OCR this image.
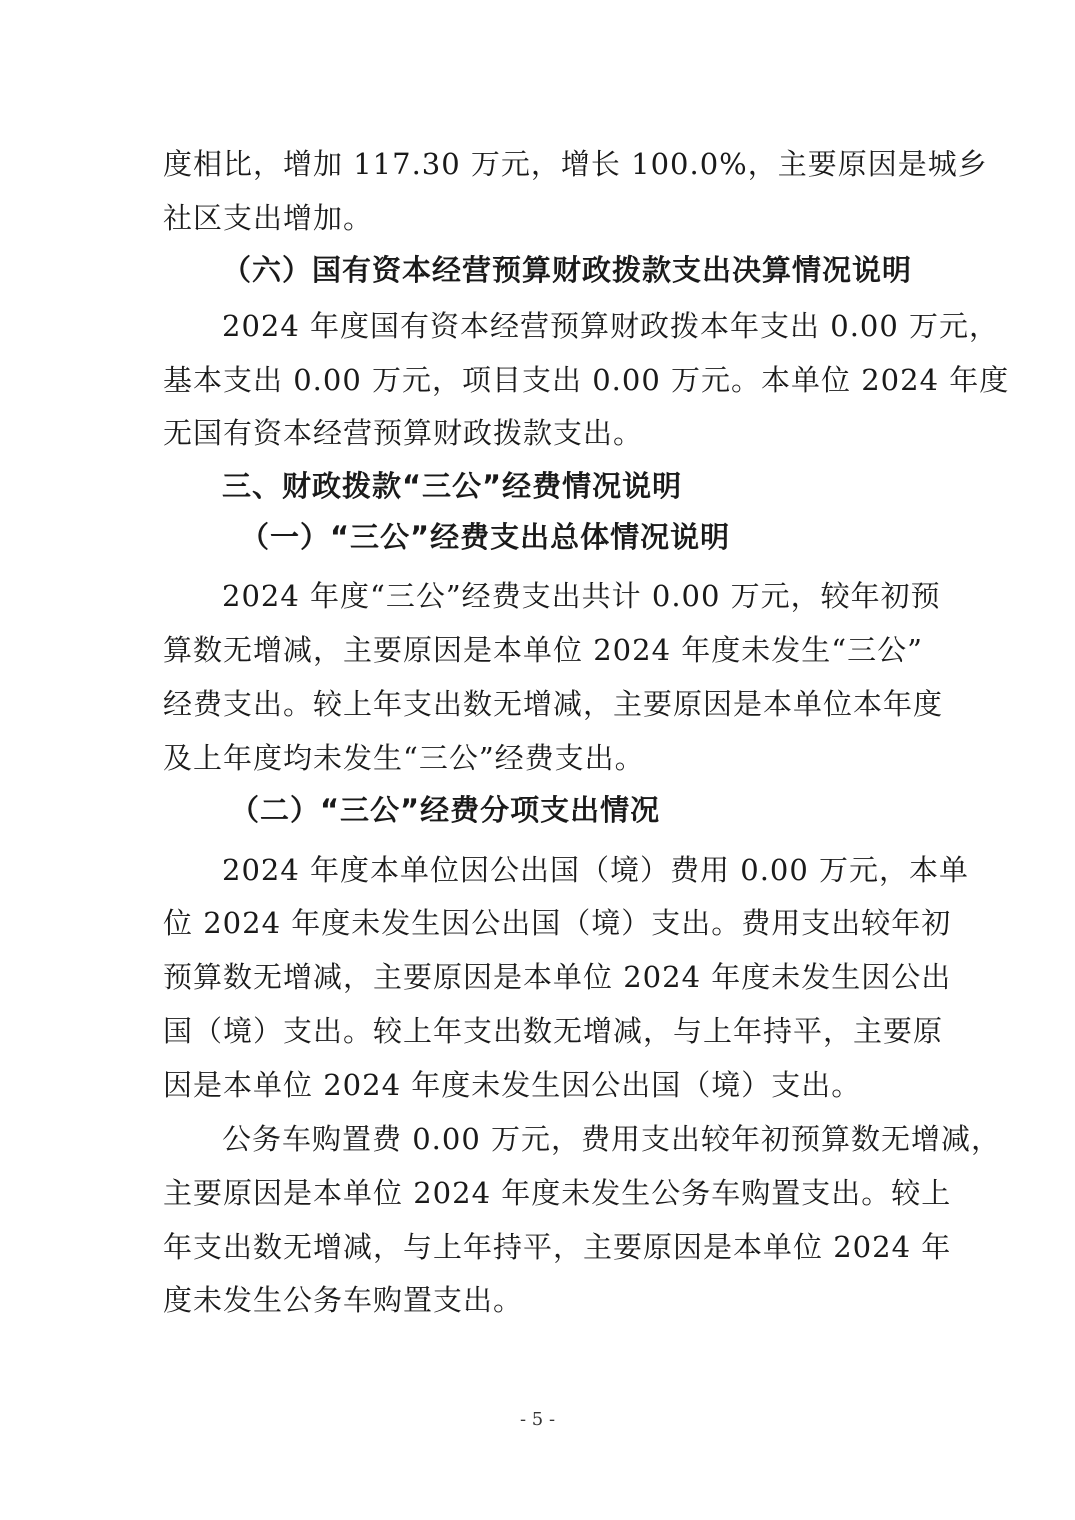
度相比，增加 117.30 万元，增长 100.0%，主要原因是城乡
社区支出增加。
（六）国有资本经营预算财政拨款支出决算情况说明
2024 年度国有资本经营预算财政拨本年支出 0.00 万元，
基本支出 0.00 万元，项目支出 0.00 万元。本单位 2024 年度
无国有资本经营预算财政拨款支出。
三、财政拨款“三公”经费情况说明
（一）“三公”经费支出总体情况说明
2024 年度“三公”经费支出共计 0.00 万元，较年初预
算数无增减，主要原因是本单位 2024 年度未发生“三公”
经费支出。较上年支出数无增减，主要原因是本单位本年度
及上年度均未发生“三公”经费支出。
（二）“三公”经费分项支出情况
2024 年度本单位因公出国（境）费用 0.00 万元，本单
位 2024 年度未发生因公出国（境）支出。费用支出较年初
预算数无增减，主要原因是本单位 2024 年度未发生因公出
国（境）支出。较上年支出数无增减，与上年持平，主要原
因是本单位 2024 年度未发生因公出国（境）支出。
公务车购置费 0.00 万元，费用支出较年初预算数无增减，
主要原因是本单位 2024 年度未发生公务车购置支出。较上
年支出数无增减，与上年持平，主要原因是本单位 2024 年
度未发生公务车购置支出。
- 5 -
